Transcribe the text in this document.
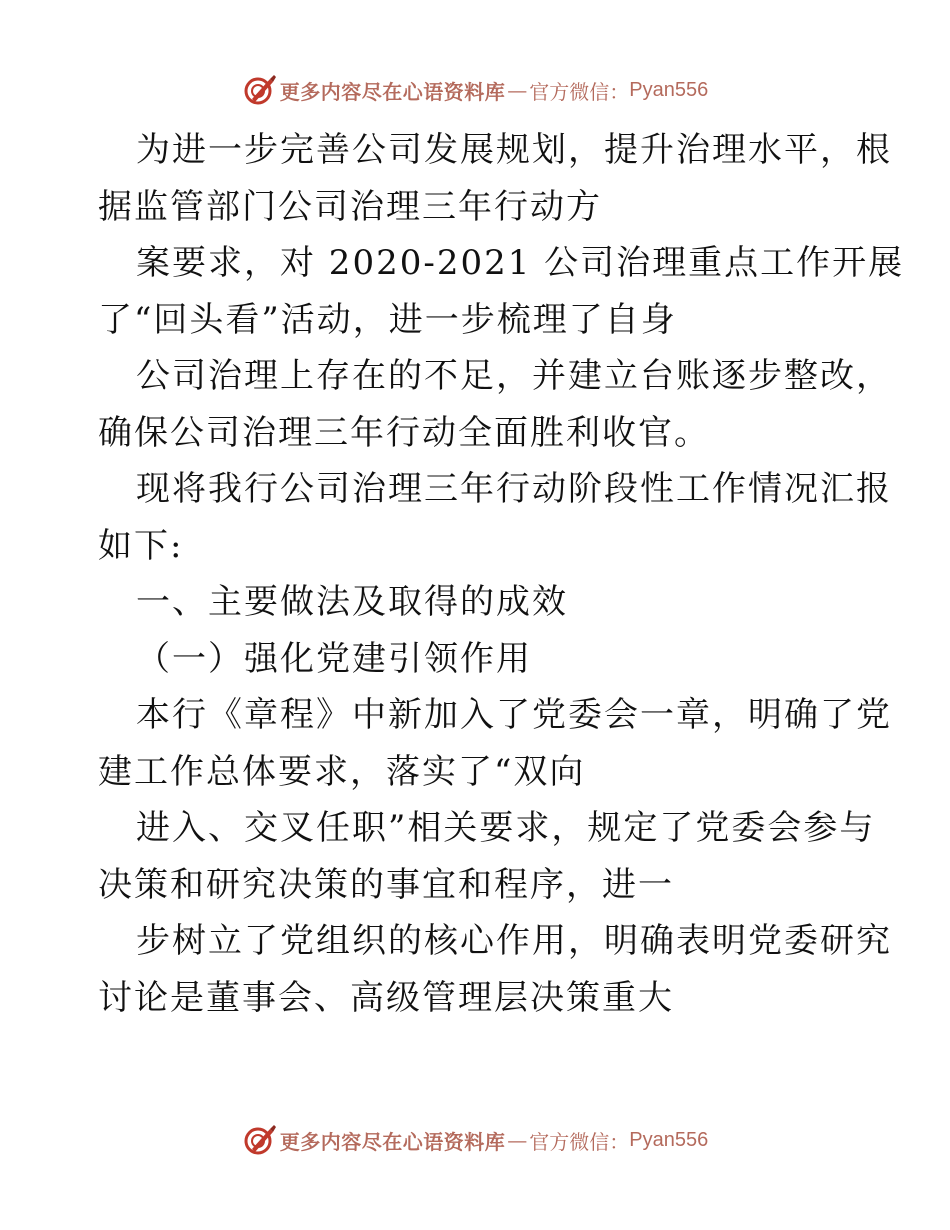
更多内容尽在心语资料库 — 官方微信： Pyan556
为进一步完善公司发展规划，提升治理水平，根
据监管部门公司治理三年行动方
案要求，对 2020-2021 公司治理重点工作开展
了“回头看”活动，进一步梳理了自身
公司治理上存在的不足，并建立台账逐步整改，
确保公司治理三年行动全面胜利收官。
现将我行公司治理三年行动阶段性工作情况汇报
如下:
一、主要做法及取得的成效
（一）强化党建引领作用
本行《章程》中新加入了党委会一章，明确了党
建工作总体要求，落实了“双向
进入、交叉任职”相关要求，规定了党委会参与
决策和研究决策的事宜和程序，进一
步树立了党组织的核心作用，明确表明党委研究
讨论是董事会、高级管理层决策重大
更多内容尽在心语资料库 — 官方微信： Pyan556
